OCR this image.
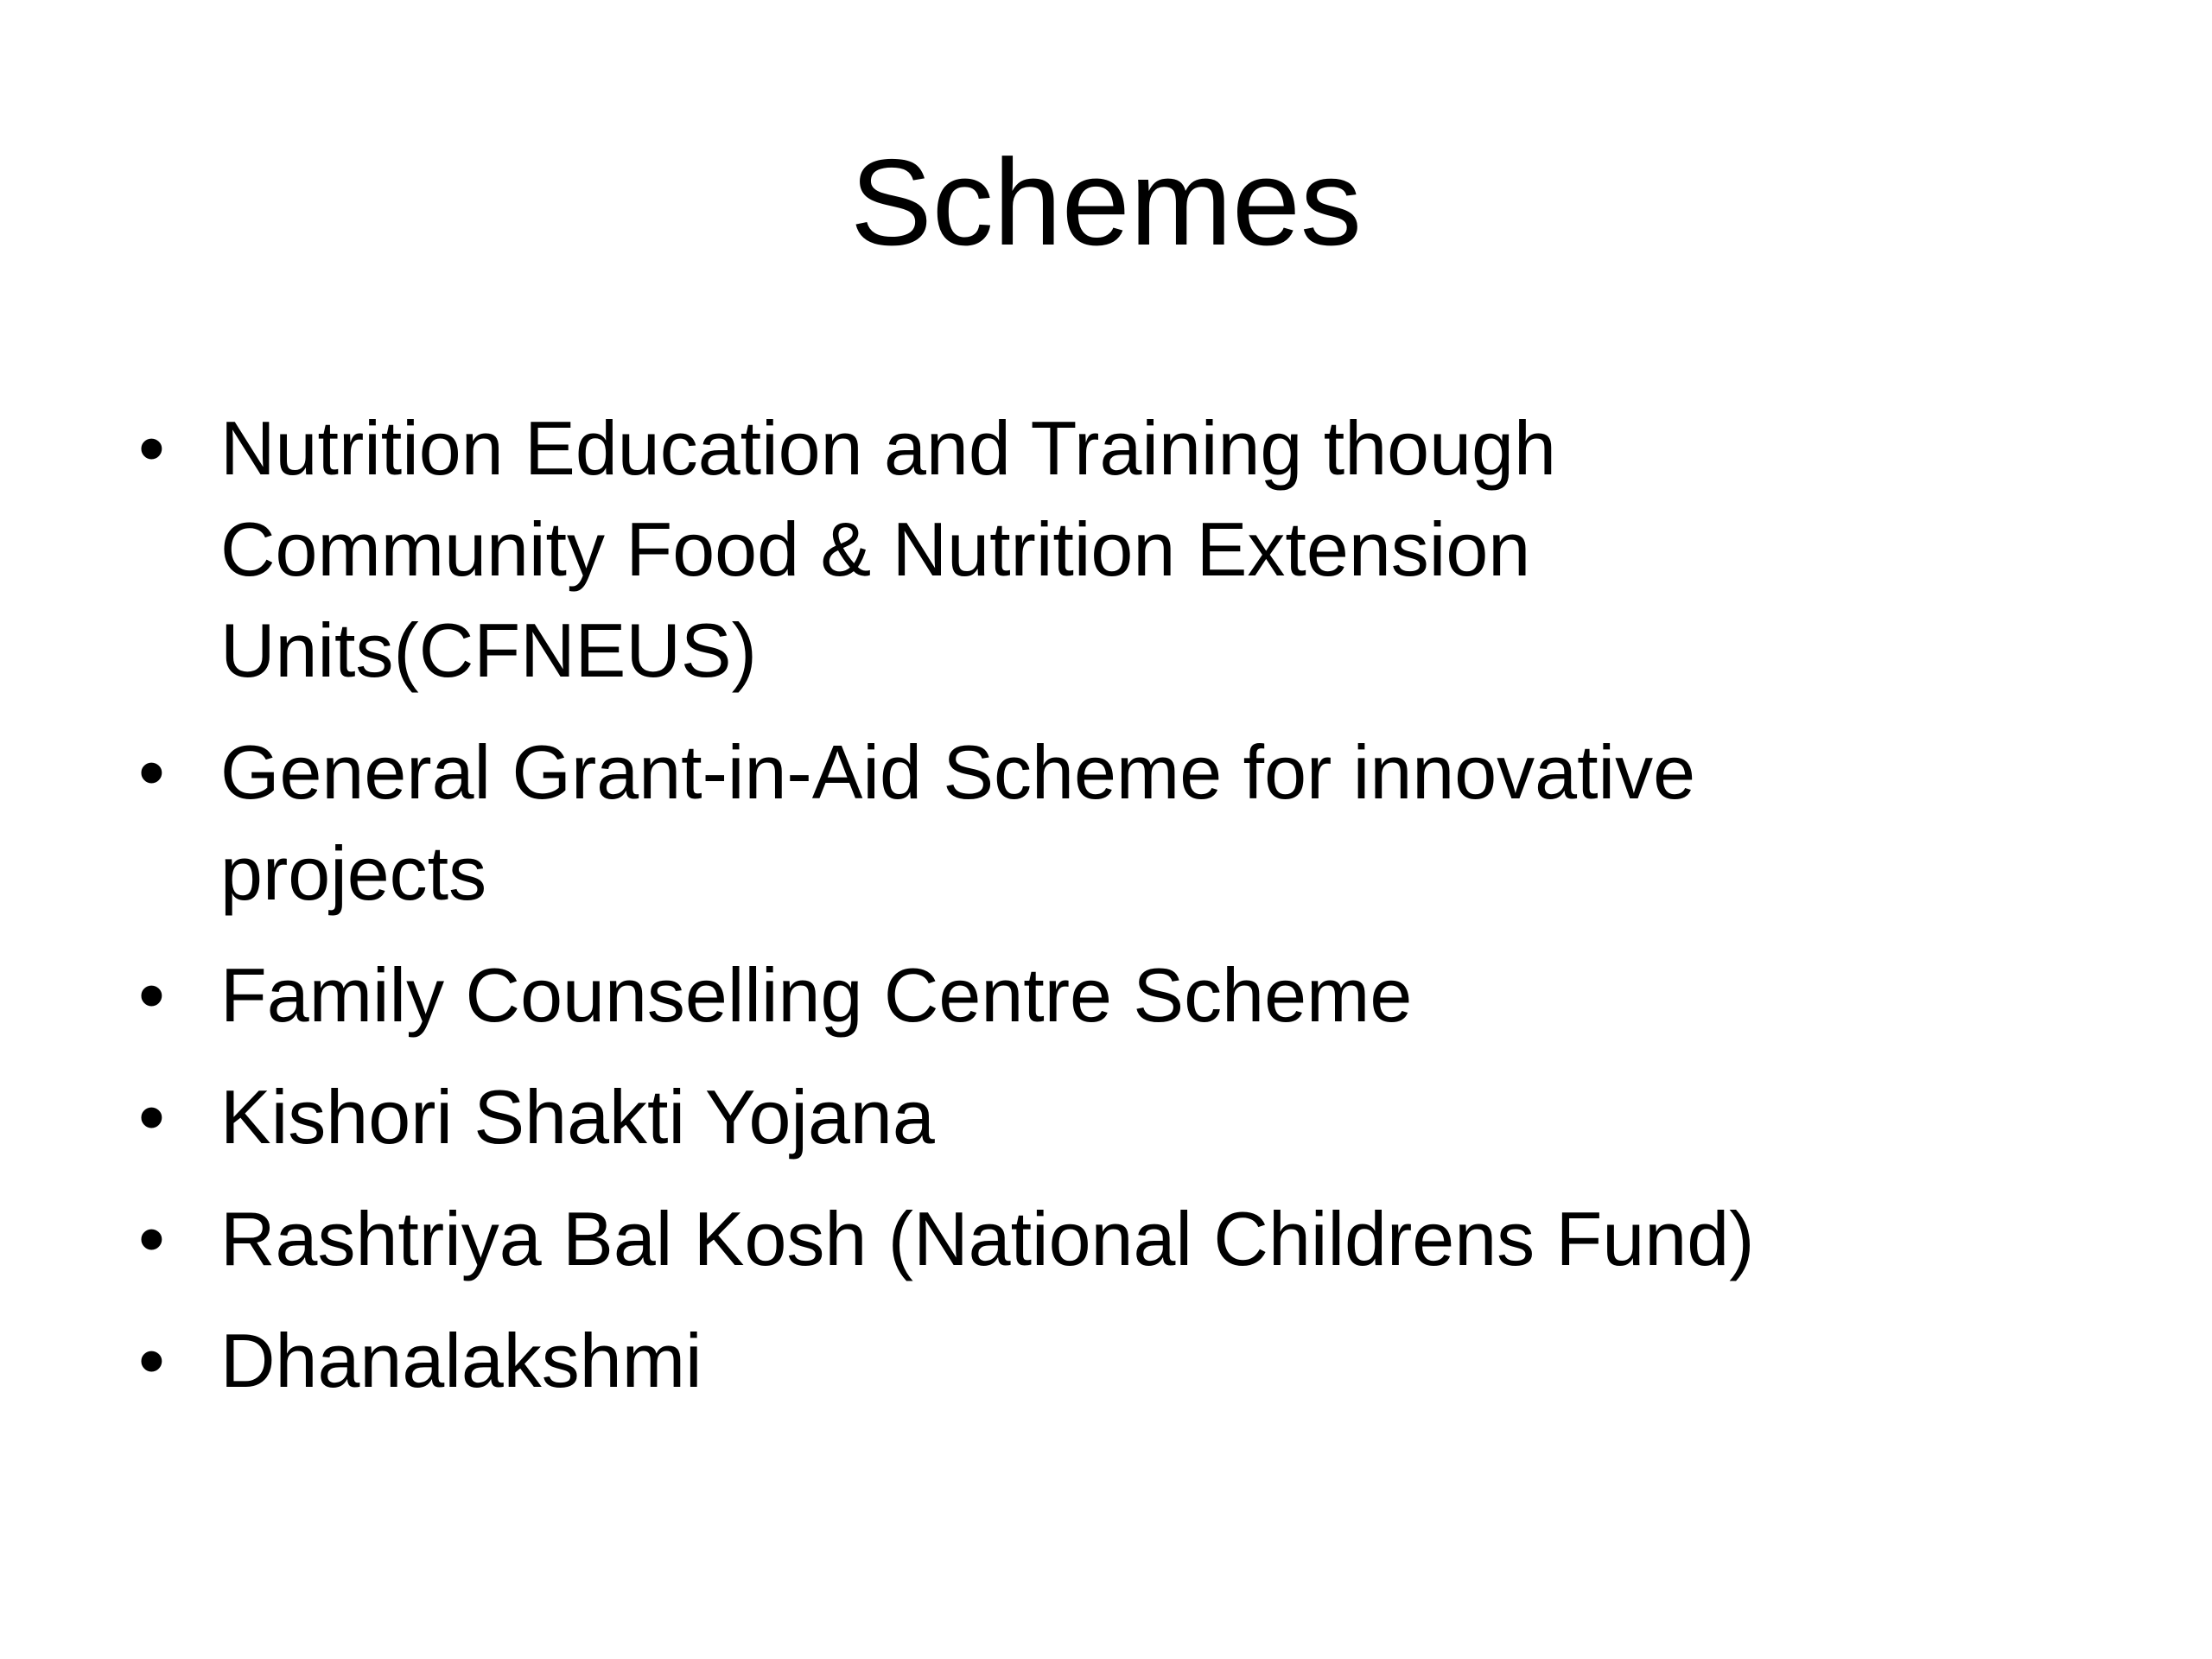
Schemes
• Nutrition Education and Training though
Community Food & Nutrition Extension
Units(CFNEUS)
• General Grant-in-Aid Scheme for innovative
projects
• Family Counselling Centre Scheme
• Kishori Shakti Yojana
• Rashtriya Bal Kosh (National Childrens Fund)
• Dhanalakshmi
